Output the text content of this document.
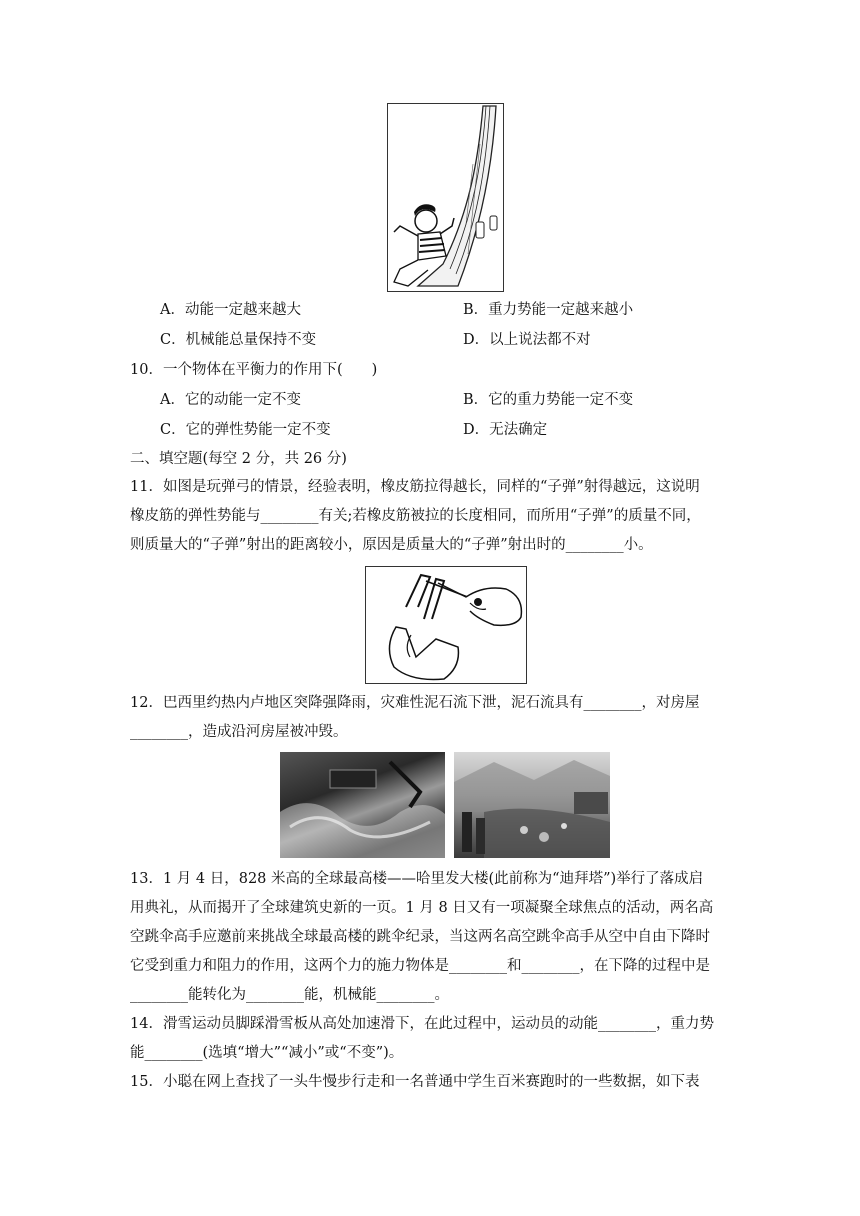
A．动能一定越来越大	B．重力势能一定越来越小
C．机械能总量保持不变	D．以上说法都不对
10．一个物体在平衡力的作用下(　　)
A．它的动能一定不变	B．它的重力势能一定不变
C．它的弹性势能一定不变	D．无法确定
二、填空题(每空 2 分，共 26 分)
11．如图是玩弹弓的情景，经验表明，橡皮筋拉得越长，同样的“子弹”射得越远，这说明
橡皮筋的弹性势能与________有关;若橡皮筋被拉的长度相同，而所用“子弹”的质量不同，
则质量大的“子弹”射出的距离较小，原因是质量大的“子弹”射出时的________小。
12．巴西里约热内卢地区突降强降雨，灾难性泥石流下泄，泥石流具有________，对房屋
________，造成沿河房屋被冲毁。
13．1 月 4 日，828 米高的全球最高楼——哈里发大楼(此前称为“迪拜塔”)举行了落成启
用典礼，从而揭开了全球建筑史新的一页。1 月 8 日又有一项凝聚全球焦点的活动，两名高
空跳伞高手应邀前来挑战全球最高楼的跳伞纪录，当这两名高空跳伞高手从空中自由下降时
它受到重力和阻力的作用，这两个力的施力物体是________和________，在下降的过程中是
________能转化为________能，机械能________。
14．滑雪运动员脚踩滑雪板从高处加速滑下，在此过程中，运动员的动能________，重力势
能________(选填“增大”“减小”或“不变”)。
15．小聪在网上查找了一头牛慢步行走和一名普通中学生百米赛跑时的一些数据，如下表
